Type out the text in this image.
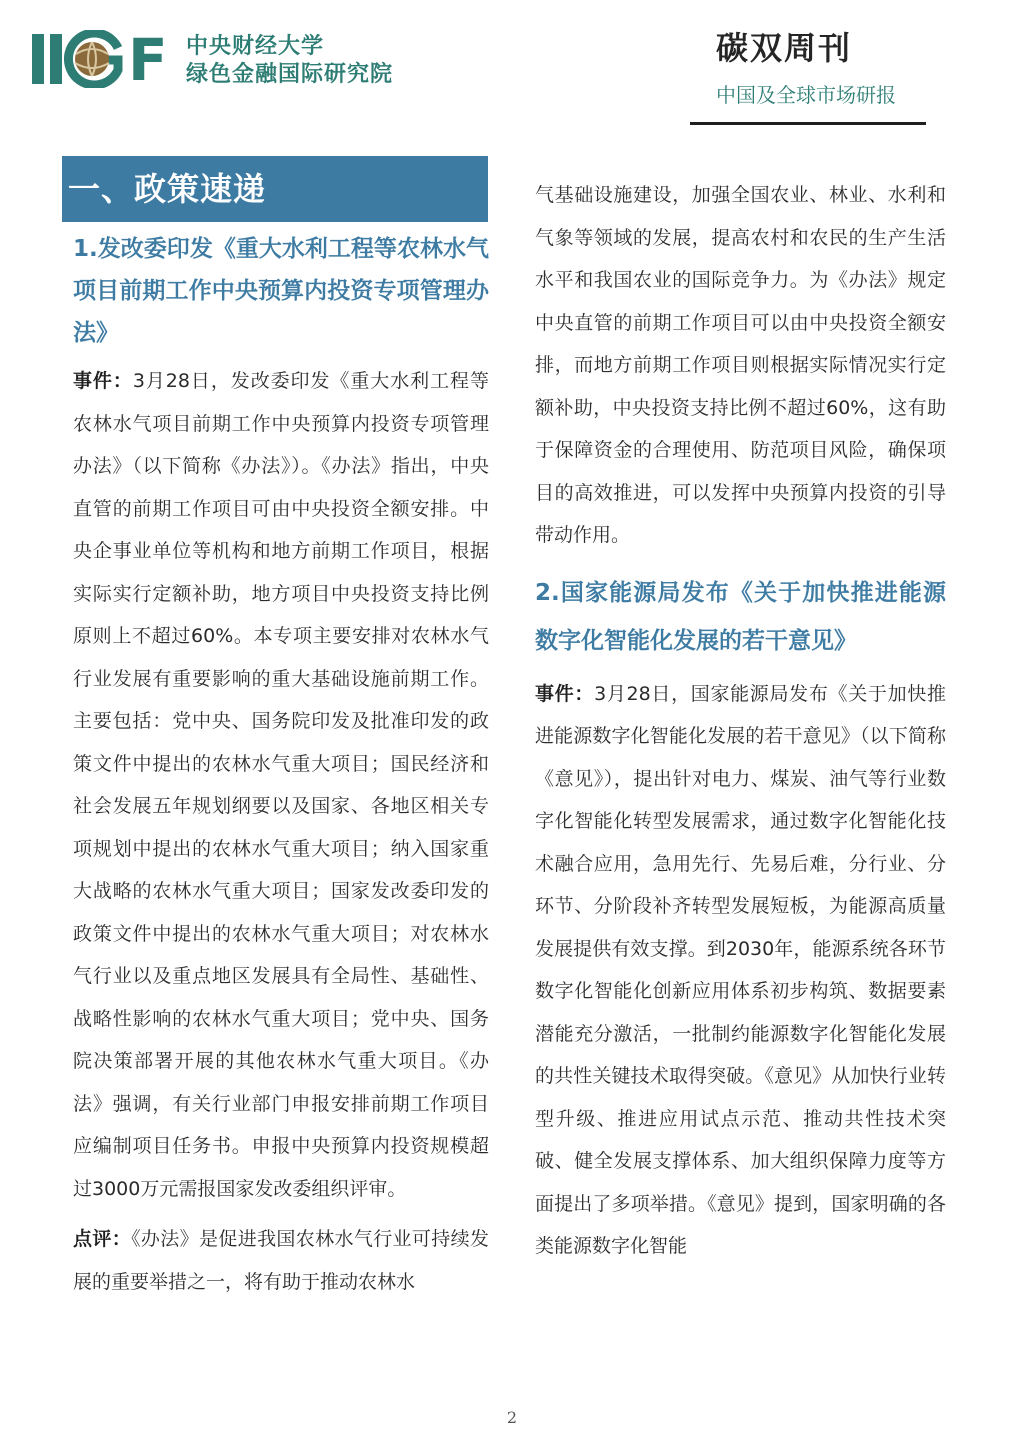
F 中央财经大学
绿色金融国际研究院
碳双周刊
中国及全球市场研报
一、政策速递

1.发改委印发《重大水利工程等农林水气项目前期工作中央预算内投资专项管理办法》

事件：3月28日，发改委印发《重大水利工程等农林水气项目前期工作中央预算内投资专项管理办法》（以下简称《办法》）。《办法》指出，中央直管的前期工作项目可由中央投资全额安排。中央企事业单位等机构和地方前期工作项目，根据实际实行定额补助，地方项目中央投资支持比例原则上不超过60%。本专项主要安排对农林水气行业发展有重要影响的重大基础设施前期工作。主要包括：党中央、国务院印发及批准印发的政策文件中提出的农林水气重大项目；国民经济和社会发展五年规划纲要以及国家、各地区相关专项规划中提出的农林水气重大项目；纳入国家重大战略的农林水气重大项目；国家发改委印发的政策文件中提出的农林水气重大项目；对农林水气行业以及重点地区发展具有全局性、基础性、战略性影响的农林水气重大项目；党中央、国务院决策部署开展的其他农林水气重大项目。《办法》强调，有关行业部门申报安排前期工作项目应编制项目任务书。申报中央预算内投资规模超过3000万元需报国家发改委组织评审。

点评：《办法》是促进我国农林水气行业可持续发展的重要举措之一，将有助于推动农林水

气基础设施建设，加强全国农业、林业、水利和气象等领域的发展，提高农村和农民的生产生活水平和我国农业的国际竞争力。为《办法》规定中央直管的前期工作项目可以由中央投资全额安排，而地方前期工作项目则根据实际情况实行定额补助，中央投资支持比例不超过60%，这有助于保障资金的合理使用、防范项目风险，确保项目的高效推进，可以发挥中央预算内投资的引导带动作用。

2.国家能源局发布《关于加快推进能源数字化智能化发展的若干意见》

事件：3月28日，国家能源局发布《关于加快推进能源数字化智能化发展的若干意见》（以下简称《意见》），提出针对电力、煤炭、油气等行业数字化智能化转型发展需求，通过数字化智能化技术融合应用，急用先行、先易后难，分行业、分环节、分阶段补齐转型发展短板，为能源高质量发展提供有效支撑。到2030年，能源系统各环节数字化智能化创新应用体系初步构筑、数据要素潜能充分激活，一批制约能源数字化智能化发展的共性关键技术取得突破。《意见》从加快行业转型升级、推进应用试点示范、推动共性技术突破、健全发展支撑体系、加大组织保障力度等方面提出了多项举措。《意见》提到，国家明确的各类能源数字化智能

2
